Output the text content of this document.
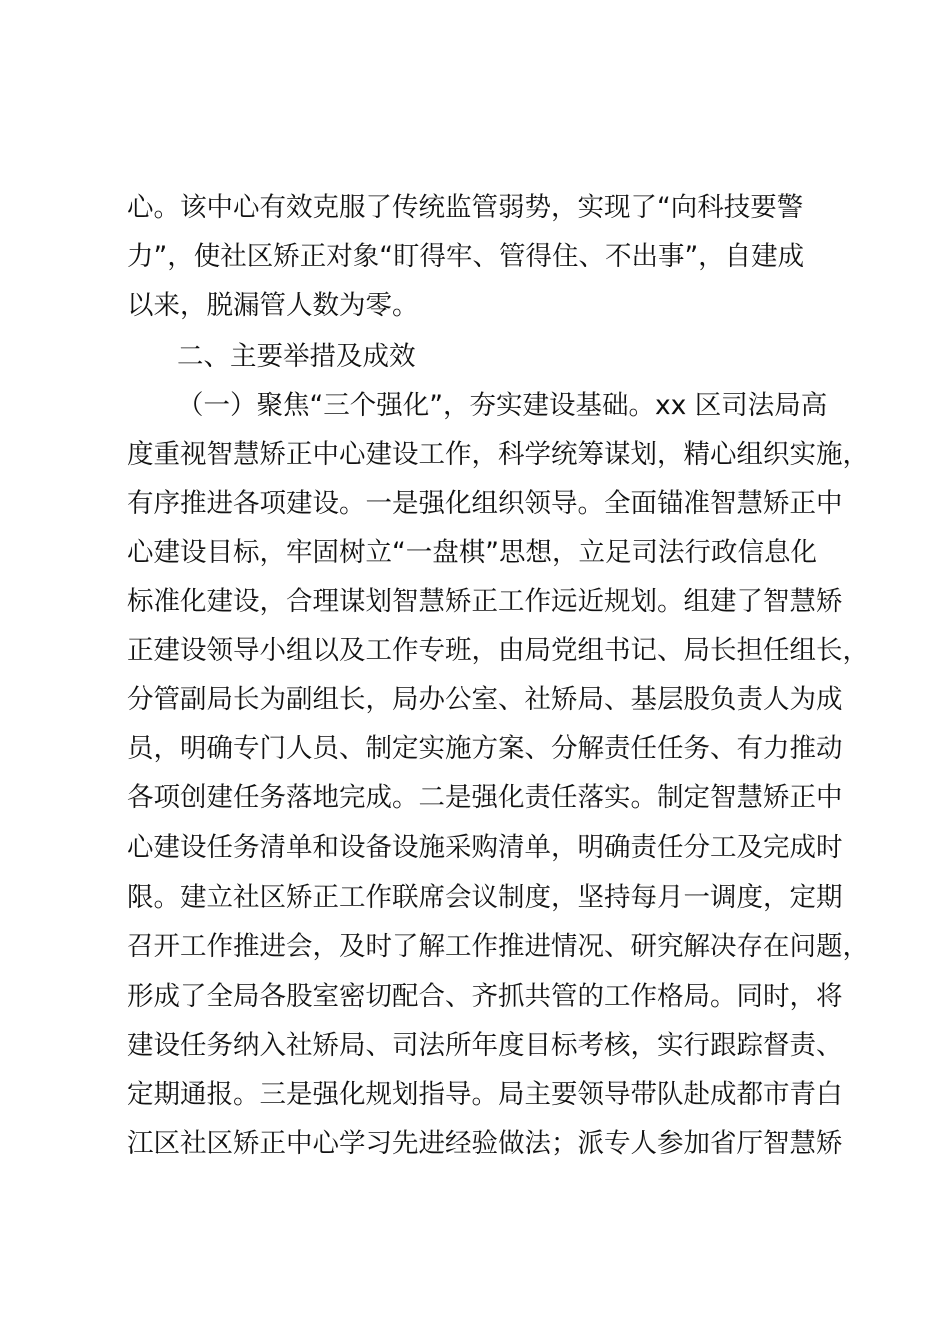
心。该中心有效克服了传统监管弱势，实现了“向科技要警
力”，使社区矫正对象“盯得牢、管得住、不出事”，自建成
以来，脱漏管人数为零。
二、主要举措及成效
（一）聚焦“三个强化”，夯实建设基础。xx 区司法局高
度重视智慧矫正中心建设工作，科学统筹谋划，精心组织实施，
有序推进各项建设。一是强化组织领导。全面锚准智慧矫正中
心建设目标，牢固树立“一盘棋”思想，立足司法行政信息化
标准化建设，合理谋划智慧矫正工作远近规划。组建了智慧矫
正建设领导小组以及工作专班，由局党组书记、局长担任组长，
分管副局长为副组长，局办公室、社矫局、基层股负责人为成
员，明确专门人员、制定实施方案、分解责任任务、有力推动
各项创建任务落地完成。二是强化责任落实。制定智慧矫正中
心建设任务清单和设备设施采购清单，明确责任分工及完成时
限。建立社区矫正工作联席会议制度，坚持每月一调度，定期
召开工作推进会，及时了解工作推进情况、研究解决存在问题，
形成了全局各股室密切配合、齐抓共管的工作格局。同时，将
建设任务纳入社矫局、司法所年度目标考核，实行跟踪督责、
定期通报。三是强化规划指导。局主要领导带队赴成都市青白
江区社区矫正中心学习先进经验做法；派专人参加省厅智慧矫
